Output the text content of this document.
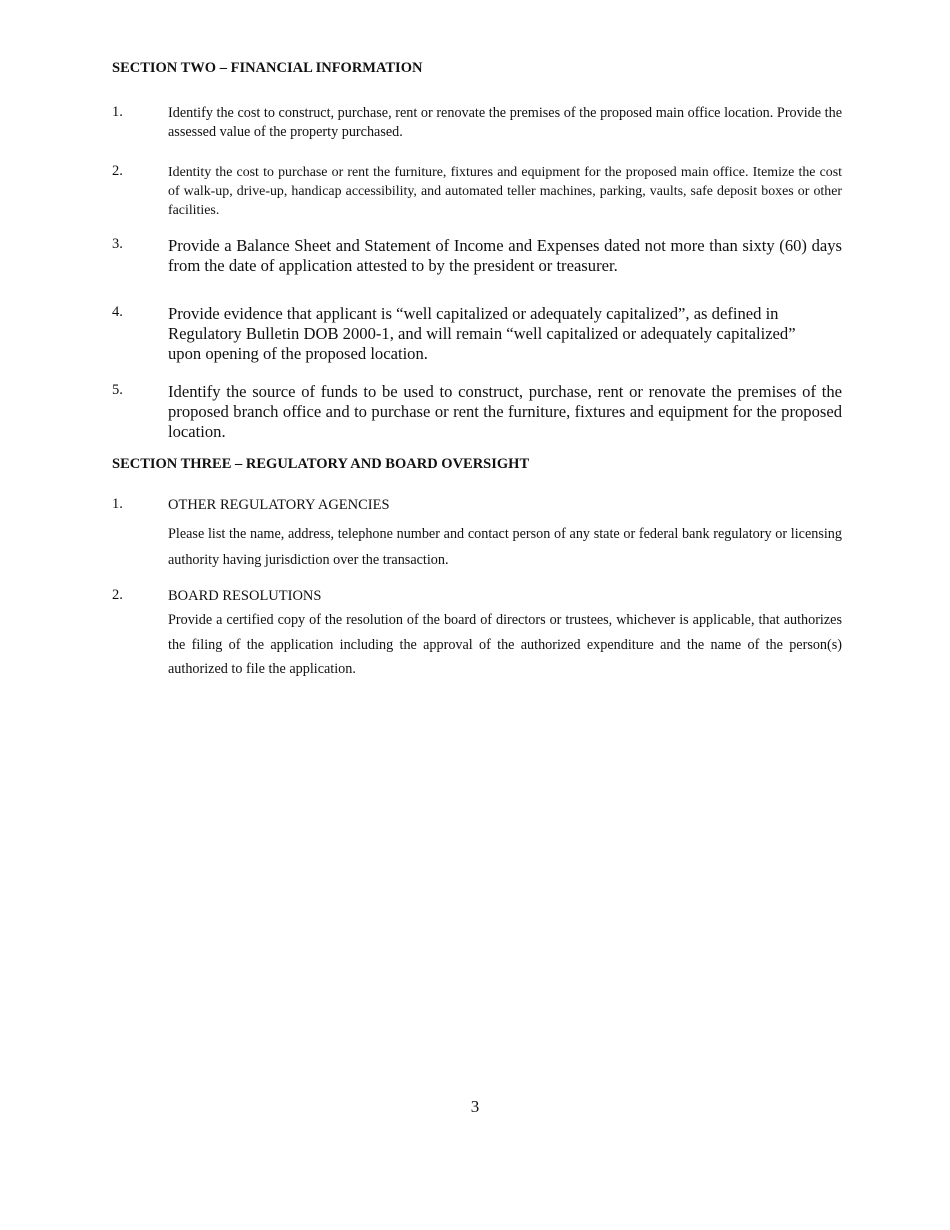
SECTION TWO – FINANCIAL INFORMATION
1.	Identify the cost to construct, purchase, rent or renovate the premises of the proposed main office location. Provide the assessed value of the property purchased.
2.	Identity the cost to purchase or rent the furniture, fixtures and equipment for the proposed main office. Itemize the cost of walk-up, drive-up, handicap accessibility, and automated teller machines, parking, vaults, safe deposit boxes or other facilities.
3.	Provide a Balance Sheet and Statement of Income and Expenses dated not more than sixty (60) days from the date of application attested to by the president or treasurer.
4.	Provide evidence that applicant is “well capitalized or adequately capitalized”, as defined in Regulatory Bulletin DOB 2000-1, and will remain “well capitalized or adequately capitalized” upon opening of the proposed location.
5.	Identify the source of funds to be used to construct, purchase, rent or renovate the premises of the proposed branch office and to purchase or rent the furniture, fixtures and equipment for the proposed location.
SECTION THREE – REGULATORY AND BOARD OVERSIGHT
1.	OTHER REGULATORY AGENCIES
Please list the name, address, telephone number and contact person of any state or federal bank regulatory or licensing authority having jurisdiction over the transaction.
2.	BOARD RESOLUTIONS
Provide a certified copy of the resolution of the board of directors or trustees, whichever is applicable, that authorizes the filing of the application including the approval of the authorized expenditure and the name of the person(s) authorized to file the application.
3
